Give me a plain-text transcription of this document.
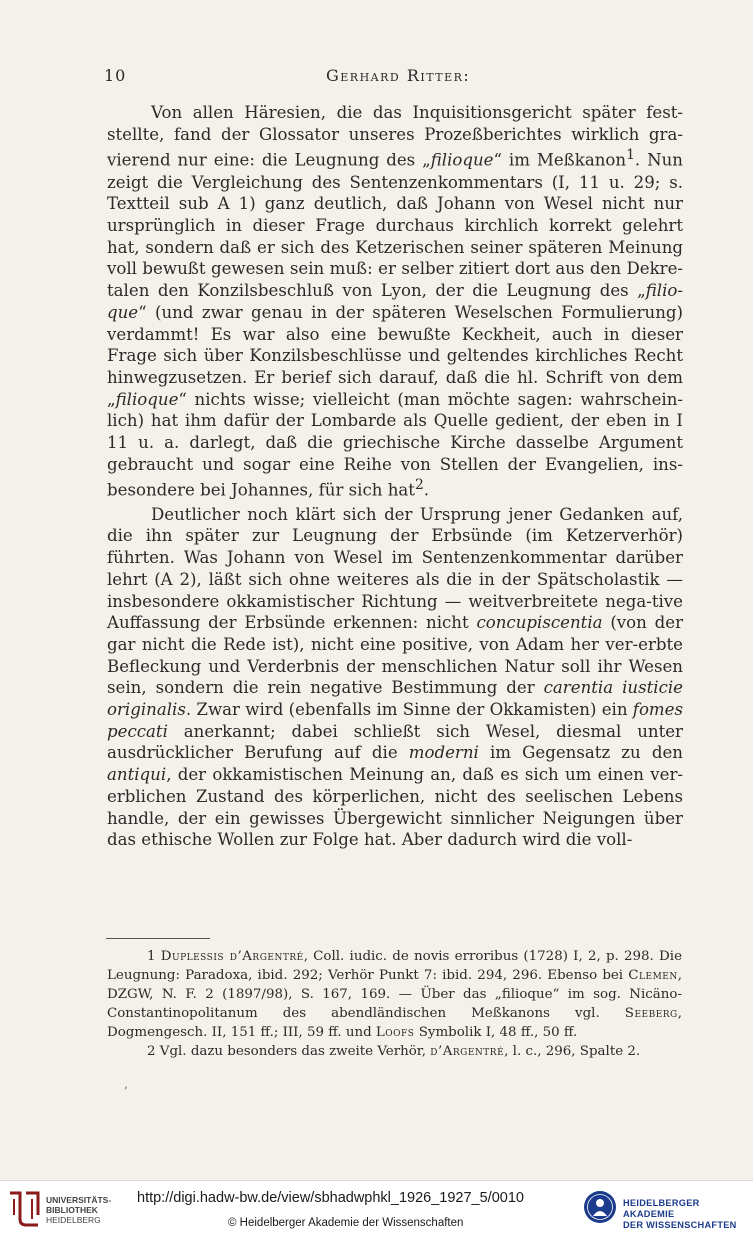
10	Gerhard Ritter:

Von allen Häresien, die das Inquisitionsgericht später fest-stellte, fand der Glossator unseres Prozeßberichtes wirklich gra-vierend nur eine: die Leugnung des „filioque“ im Meßkanon$^1$. Nun zeigt die Vergleichung des Sentenzenkommentars (I, 11 u. 29; s. Textteil sub A 1) ganz deutlich, daß Johann von Wesel nicht nur ursprünglich in dieser Frage durchaus kirchlich korrekt gelehrt hat, sondern daß er sich des Ketzerischen seiner späteren Meinung voll bewußt gewesen sein muß: er selber zitiert dort aus den Dekre-talen den Konzilsbeschluß von Lyon, der die Leugnung des „filio-que“ (und zwar genau in der späteren Weselschen Formulierung) verdammt! Es war also eine bewußte Keckheit, auch in dieser Frage sich über Konzilsbeschlüsse und geltendes kirchliches Recht hinwegzusetzen. Er berief sich darauf, daß die hl. Schrift von dem „filioque“ nichts wisse; vielleicht (man möchte sagen: wahrschein-lich) hat ihm dafür der Lombarde als Quelle gedient, der eben in I 11 u. a. darlegt, daß die griechische Kirche dasselbe Argument gebraucht und sogar eine Reihe von Stellen der Evangelien, ins-besondere bei Johannes, für sich hat$^2$.

Deutlicher noch klärt sich der Ursprung jener Gedanken auf, die ihn später zur Leugnung der Erbsünde (im Ketzerverhör) führten. Was Johann von Wesel im Sentenzenkommentar darüber lehrt (A 2), läßt sich ohne weiteres als die in der Spätscholastik — insbesondere okkamistischer Richtung — weitverbreitete nega-tive Auffassung der Erbsünde erkennen: nicht concupiscentia (von der gar nicht die Rede ist), nicht eine positive, von Adam her ver-erbte Befleckung und Verderbnis der menschlichen Natur soll ihr Wesen sein, sondern die rein negative Bestimmung der carentia iusticie originalis. Zwar wird (ebenfalls im Sinne der Okkamisten) ein fomes peccati anerkannt; dabei schließt sich Wesel, diesmal unter ausdrücklicher Berufung auf die moderni im Gegensatz zu den antiqui, der okkamistischen Meinung an, daß es sich um einen ver-erblichen Zustand des körperlichen, nicht des seelischen Lebens handle, der ein gewisses Übergewicht sinnlicher Neigungen über das ethische Wollen zur Folge hat. Aber dadurch wird die voll-

1 Duplessis d’Argentré, Coll. iudic. de novis erroribus (1728) I, 2, p. 298. Die Leugnung: Paradoxa, ibid. 292; Verhör Punkt 7: ibid. 294, 296. Ebenso bei Clemen, DZGW, N. F. 2 (1897/98), S. 167, 169. — Über das „filioque“ im sog. Nicäno-Constantinopolitanum des abendländischen Meßkanons vgl. Seeberg, Dogmengesch. II, 151 ff.; III, 59 ff. und Loofs Symbolik I, 48 ff., 50 ff.

2 Vgl. dazu besonders das zweite Verhör, d’Argentré, l. c., 296, Spalte 2.

‚
UNIVERSITÄTS-
BIBLIOTHEK
HEIDELBERG
http://digi.hadw-bw.de/view/sbhadwphkl_1926_1927_5/0010
© Heidelberger Akademie der Wissenschaften
HEIDELBERGER AKADEMIE
DER WISSENSCHAFTEN
